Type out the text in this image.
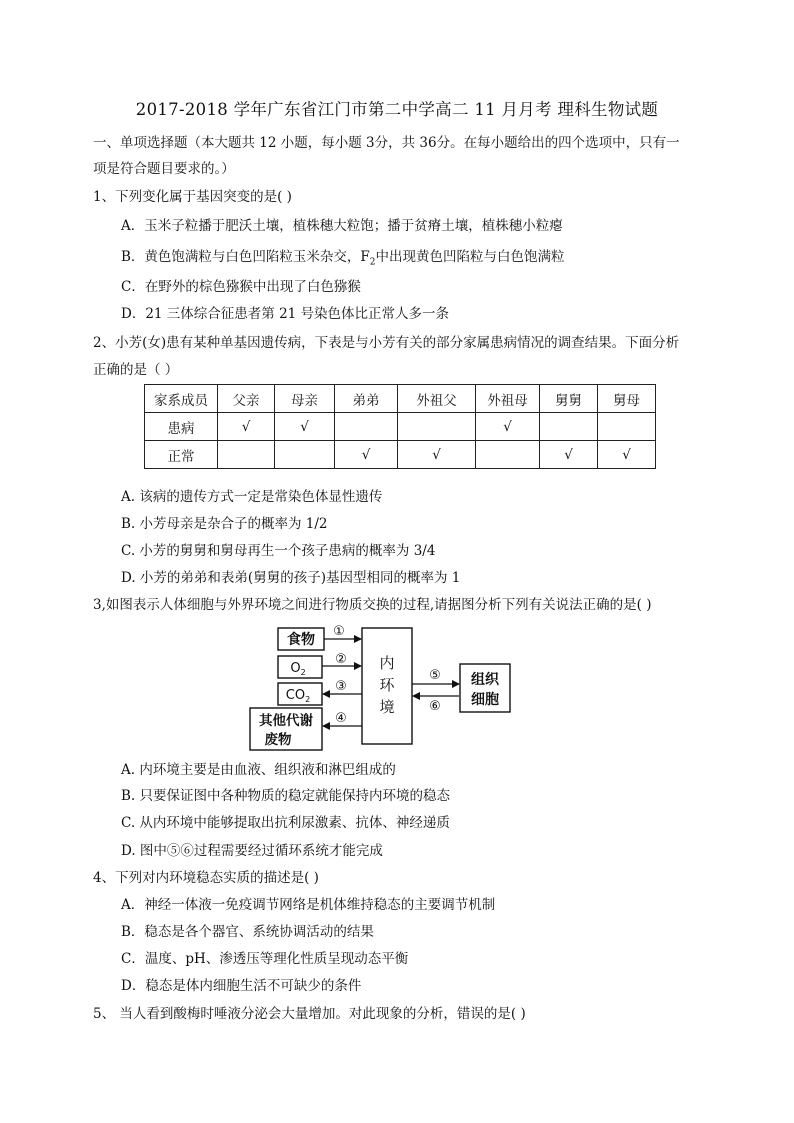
2017-2018 学年广东省江门市第二中学高二 11 月月考 理科生物试题
一、单项选择题（本大题共 12 小题，每小题 3分，共 36分。在每小题给出的四个选项中，只有一
项是符合题目要求的。）
1、下列变化属于基因突变的是( )
A．玉米子粒播于肥沃土壤，植株穗大粒饱；播于贫瘠土壤，植株穗小粒瘪
B．黄色饱满粒与白色凹陷粒玉米杂交，$F_2$中出现黄色凹陷粒与白色饱满粒
C．在野外的棕色猕猴中出现了白色猕猴
D．21 三体综合征患者第 21 号染色体比正常人多一条
2、小芳(女)患有某种单基因遗传病，下表是与小芳有关的部分家属患病情况的调查结果。下面分析
正确的是（ ）
家系成员	父亲	母亲	弟弟	外祖父	外祖母	舅舅	舅母
患病	√	√			√		
正常			√	√		√	√
A. 该病的遗传方式一定是常染色体显性遗传
B. 小芳母亲是杂合子的概率为 1/2
C. 小芳的舅舅和舅母再生一个孩子患病的概率为 3/4
D. 小芳的弟弟和表弟(舅舅的孩子)基因型相同的概率为 1
3,如图表示人体细胞与外界环境之间进行物质交换的过程,请据图分析下列有关说法正确的是( )
食物
$O_2$
$CO_2$
其他代谢
废物
内
环
境
组织
细胞
①
②
③
④
⑤
⑥
A. 内环境主要是由血液、组织液和淋巴组成的
B. 只要保证图中各种物质的稳定就能保持内环境的稳态
C. 从内环境中能够提取出抗利尿激素、抗体、神经递质
D. 图中⑤⑥过程需要经过循环系统才能完成
4、下列对内环境稳态实质的描述是( )
A．神经一体液一免疫调节网络是机体维持稳态的主要调节机制
B．稳态是各个器官、系统协调活动的结果
C．温度、pH、渗透压等理化性质呈现动态平衡
D．稳态是体内细胞生活不可缺少的条件
5、 当人看到酸梅时唾液分泌会大量增加。对此现象的分析，错误的是( )
